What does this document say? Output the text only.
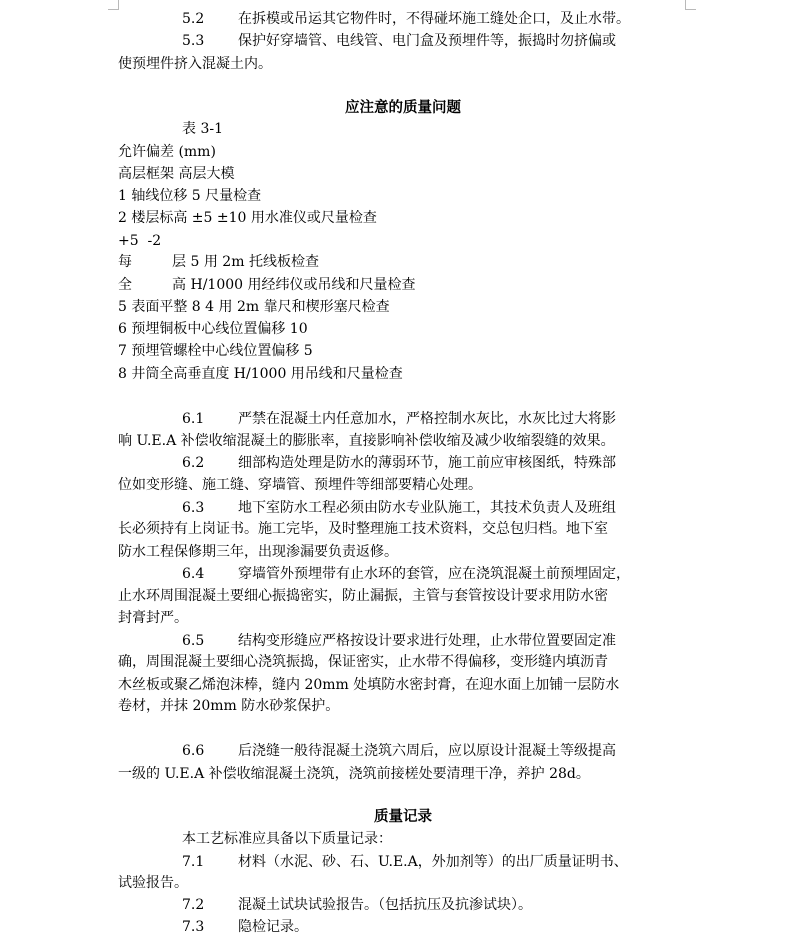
5.2 在拆模或吊运其它物件时，不得碰坏施工缝处企口，及止水带。
5.3 保护好穿墙管、电线管、电门盒及预埋件等，振捣时勿挤偏或
使预埋件挤入混凝土内。
应注意的质量问题
表 3-1
允许偏差 (mm)
高层框架 高层大模
1 轴线位移 5 尺量检查
2 楼层标高 ±5 ±10 用水准仪或尺量检查
+5  -2
每         层 5 用 2m 托线板检查
全         高 H/1000 用经纬仪或吊线和尺量检查
5 表面平整 8 4 用 2m 靠尺和楔形塞尺检查
6 预埋铜板中心线位置偏移 10
7 预埋管螺栓中心线位置偏移 5
8 井筒全高垂直度 H/1000 用吊线和尺量检查
6.1 严禁在混凝土内任意加水，严格控制水灰比，水灰比过大将影
响 U.E.A 补偿收缩混凝土的膨胀率，直接影响补偿收缩及减少收缩裂缝的效果。
6.2 细部构造处理是防水的薄弱环节，施工前应审核图纸，特殊部
位如变形缝、施工缝、穿墙管、预埋件等细部要精心处理。
6.3 地下室防水工程必须由防水专业队施工，其技术负责人及班组
长必须持有上岗证书。施工完毕，及时整理施工技术资料，交总包归档。地下室
防水工程保修期三年，出现渗漏要负责返修。
6.4 穿墙管外预埋带有止水环的套管，应在浇筑混凝土前预埋固定，
止水环周围混凝土要细心振捣密实，防止漏振，主管与套管按设计要求用防水密
封膏封严。
6.5 结构变形缝应严格按设计要求进行处理，止水带位置要固定准
确，周围混凝土要细心浇筑振捣，保证密实，止水带不得偏移，变形缝内填沥青
木丝板或聚乙烯泡沫棒，缝内 20mm 处填防水密封膏，在迎水面上加铺一层防水
卷材，并抹 20mm 防水砂浆保护。
6.6 后浇缝一般待混凝土浇筑六周后，应以原设计混凝土等级提高
一级的 U.E.A 补偿收缩混凝土浇筑，浇筑前接槎处要清理干净，养护 28d。
质量记录
本工艺标准应具备以下质量记录：
7.1 材料（水泥、砂、石、U.E.A，外加剂等）的出厂质量证明书、
试验报告。
7.2 混凝土试块试验报告。（包括抗压及抗渗试块）。
7.3 隐检记录。
